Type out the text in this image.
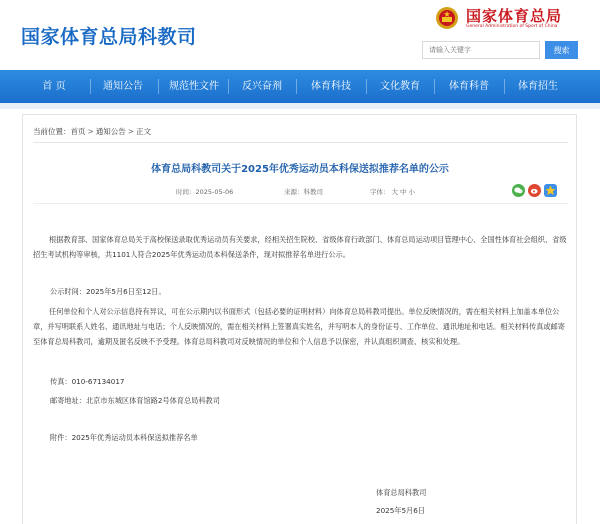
国家体育总局科教司
国家体育总局
General Administration of Sport of China
请输入关键字
搜索
首 页	通知公告	规范性文件	反兴奋剂	体育科技	文化教育	体育科普	体育招生
当前位置：首页 > 通知公告 > 正文
体育总局科教司关于2025年优秀运动员本科保送拟推荐名单的公示
时间：2025-05-06	来源：科教司	字体： 大 中 小
根据教育部、国家体育总局关于高校保送录取优秀运动员有关要求，经相关招生院校、省级体育行政部门、体育总局运动项目管理中心、全国性体育社会组织、省级招生考试机构等审核，共1101人符合2025年优秀运动员本科保送条件，现对拟推荐名单进行公示。
公示时间：2025年5月6日至12日。
任何单位和个人对公示信息持有异议，可在公示期内以书面形式（包括必要的证明材料）向体育总局科教司提出。单位反映情况的，需在相关材料上加盖本单位公章，并写明联系人姓名、通讯地址与电话；个人反映情况的，需在相关材料上签署真实姓名，并写明本人的身份证号、工作单位、通讯地址和电话。相关材料传真或邮寄至体育总局科教司，逾期及匿名反映不予受理。体育总局科教司对反映情况的单位和个人信息予以保密，并认真组织调查、核实和处理。
传真：010-67134017
邮寄地址：北京市东城区体育馆路2号体育总局科教司
附件：2025年优秀运动员本科保送拟推荐名单
体育总局科教司
2025年5月6日
